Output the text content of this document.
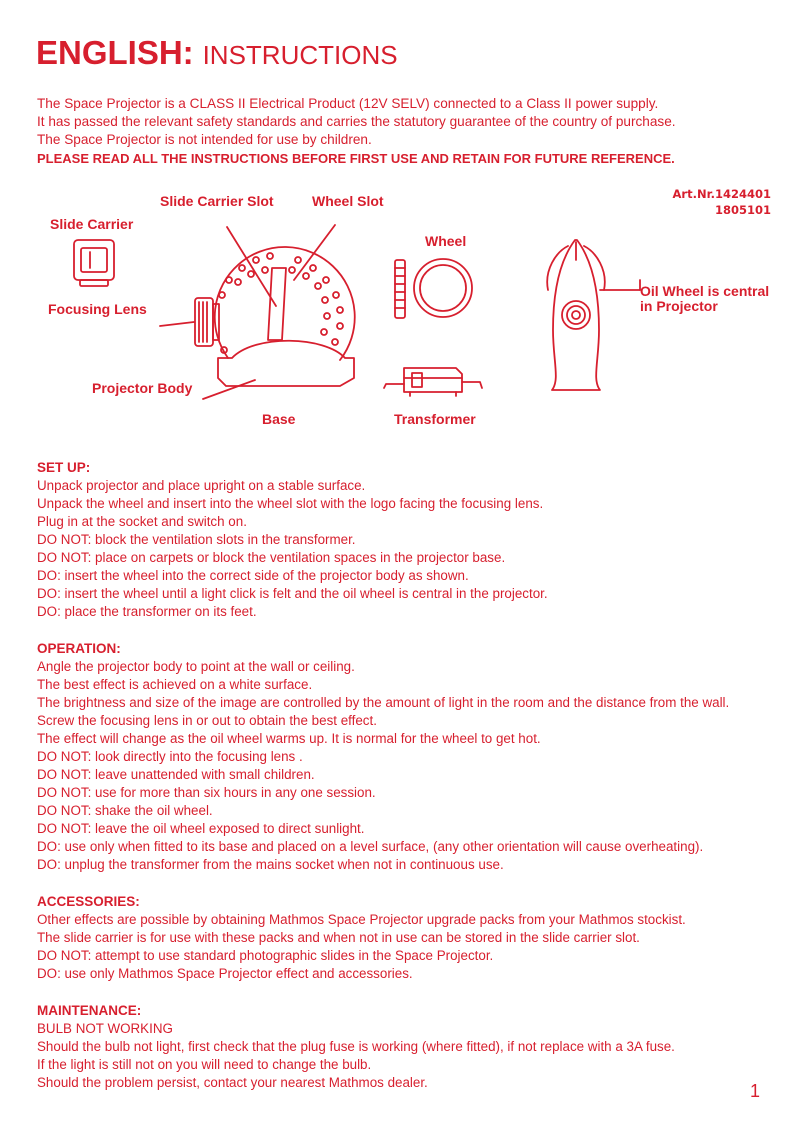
ENGLISH: INSTRUCTIONS

The Space Projector is a CLASS II Electrical Product (12V SELV) connected to a Class II power supply.

It has passed the relevant safety standards and carries the statutory guarantee of the country of purchase.

The Space Projector is not intended for use by children.

PLEASE READ ALL THE INSTRUCTIONS BEFORE FIRST USE AND RETAIN FOR FUTURE REFERENCE.

Art.Nr.1424401
1805101
Slide Carrier
Slide Carrier Slot	Wheel Slot
Focusing Lens
Projector Body
Base
Wheel
Transformer
Oil Wheel is central
in Projector
SET UP:

Unpack projector and place upright on a stable surface.

Unpack the wheel and insert into the wheel slot with the logo facing the focusing lens.

Plug in at the socket and switch on.

DO NOT: block the ventilation slots in the transformer.

DO NOT: place on carpets or block the ventilation spaces in the projector base.

DO: insert the wheel into the correct side of the projector body as shown.

DO: insert the wheel until a light click is felt and the oil wheel is central in the projector.

DO: place the transformer on its feet.

OPERATION:

Angle the projector body to point at the wall or ceiling.

The best effect is achieved on a white surface.

The brightness and size of the image are controlled by the amount of light in the room and the distance from the wall.

Screw the focusing lens in or out to obtain the best effect.

The effect will change as the oil wheel warms up. It is normal for the wheel to get hot.

DO NOT: look directly into the focusing lens .

DO NOT: leave unattended with small children.

DO NOT: use for more than six hours in any one session.

DO NOT: shake the oil wheel.

DO NOT: leave the oil wheel exposed to direct sunlight.

DO: use only when fitted to its base and placed on a level surface, (any other orientation will cause overheating).

DO: unplug the transformer from the mains socket when not in continuous use.

ACCESSORIES:

Other effects are possible by obtaining Mathmos Space Projector upgrade packs from your Mathmos stockist.

The slide carrier is for use with these packs and when not in use can be stored in the slide carrier slot.

DO NOT: attempt to use standard photographic slides in the Space Projector.

DO: use only Mathmos Space Projector effect and accessories.

MAINTENANCE:

BULB NOT WORKING

Should the bulb not light, first check that the plug fuse is working (where fitted), if not replace with a 3A fuse.

If the light is still not on you will need to change the bulb.

Should the problem persist, contact your nearest Mathmos dealer.	1
